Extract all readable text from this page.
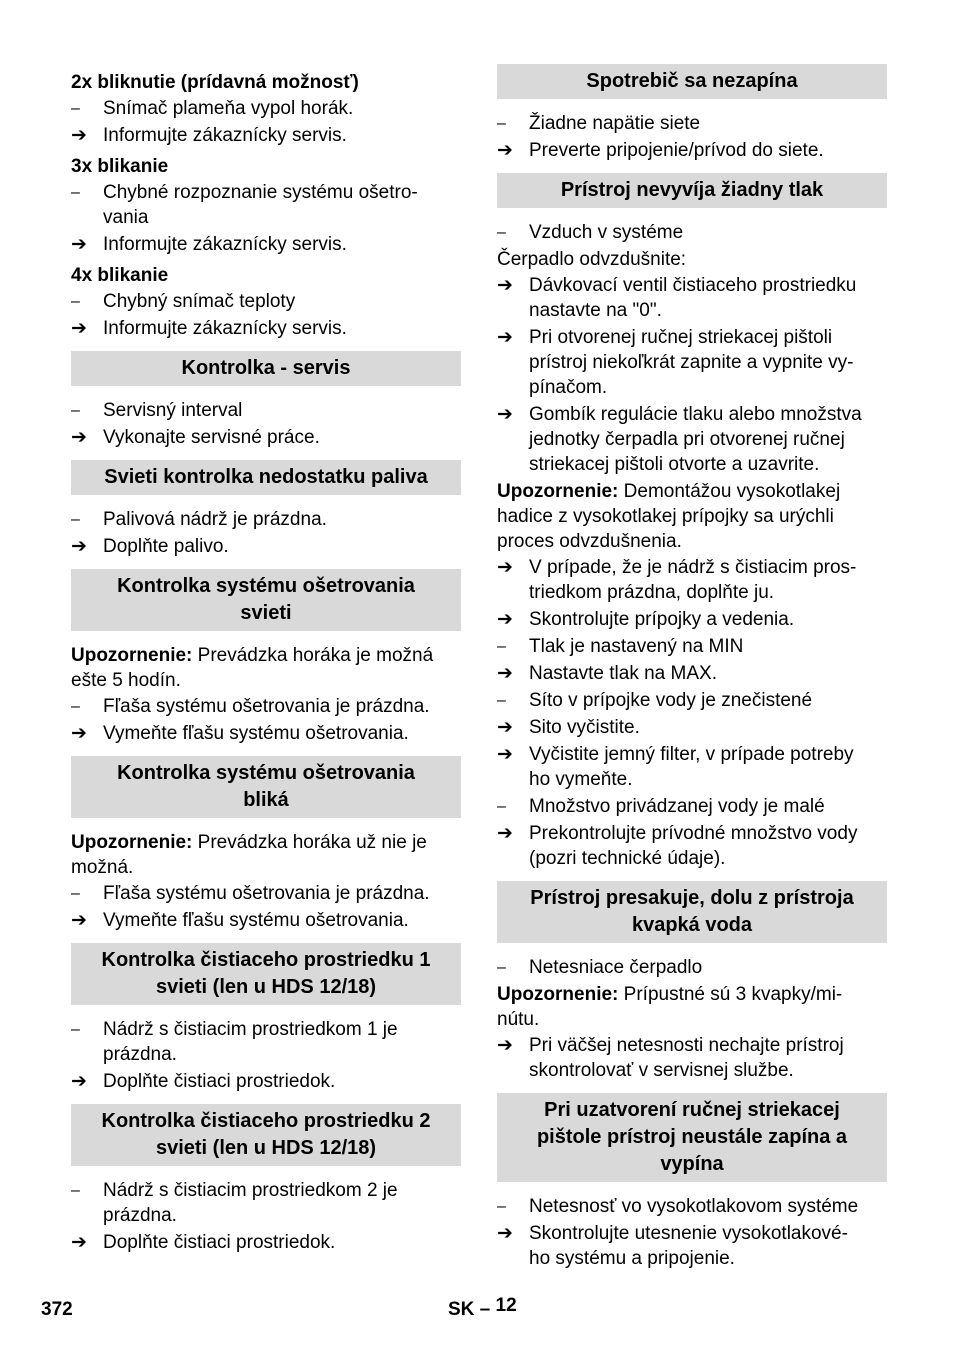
2x bliknutie (prídavná možnosť)
–	Snímač plameňa vypol horák.
➔ Informujte zákaznícky servis.
3x blikanie
–	Chybné rozpoznanie systému ošetro-
vania
➔ Informujte zákaznícky servis.
4x blikanie
–	Chybný snímač teploty
➔ Informujte zákaznícky servis.
Kontrolka - servis
–	Servisný interval
➔ Vykonajte servisné práce.
Svieti kontrolka nedostatku paliva
–	Palivová nádrž je prázdna.
➔ Doplňte palivo.
Kontrolka systému ošetrovania
svieti
Upozornenie: Prevádzka horáka je možná
ešte 5 hodín.
–	Fľaša systému ošetrovania je prázdna.
➔ Vymeňte fľašu systému ošetrovania.
Kontrolka systému ošetrovania
bliká
Upozornenie: Prevádzka horáka už nie je
možná.
–	Fľaša systému ošetrovania je prázdna.
➔ Vymeňte fľašu systému ošetrovania.
Kontrolka čistiaceho prostriedku 1
svieti (len u HDS 12/18)
–	Nádrž s čistiacim prostriedkom 1 je
prázdna.
➔ Doplňte čistiaci prostriedok.
Kontrolka čistiaceho prostriedku 2
svieti (len u HDS 12/18)
–	Nádrž s čistiacim prostriedkom 2 je
prázdna.
➔ Doplňte čistiaci prostriedok.
Spotrebič sa nezapína
–	Žiadne napätie siete
➔ Preverte pripojenie/prívod do siete.
Prístroj nevyvíja žiadny tlak
–	Vzduch v systéme
Čerpadlo odvzdušnite:
➔ Dávkovací ventil čistiaceho prostriedku
nastavte na "0".
➔ Pri otvorenej ručnej striekacej pištoli
prístroj niekoľkrát zapnite a vypnite vy-
pínačom.
➔ Gombík regulácie tlaku alebo množstva
jednotky čerpadla pri otvorenej ručnej
striekacej pištoli otvorte a uzavrite.
Upozornenie: Demontážou vysokotlakej
hadice z vysokotlakej prípojky sa urýchli
proces odvzdušnenia.
➔ V prípade, že je nádrž s čistiacim pros-
triedkom prázdna, doplňte ju.
➔ Skontrolujte prípojky a vedenia.
–	Tlak je nastavený na MIN
➔ Nastavte tlak na MAX.
–	Síto v prípojke vody je znečistené
➔ Sito vyčistite.
➔ Vyčistite jemný filter, v prípade potreby
ho vymeňte.
–	Množstvo privádzanej vody je malé
➔ Prekontrolujte prívodné množstvo vody
(pozri technické údaje).
Prístroj presakuje, dolu z prístroja
kvapká voda
–	Netesniace čerpadlo
Upozornenie: Prípustné sú 3 kvapky/mi-
nútu.
➔ Pri väčšej netesnosti nechajte prístroj
skontrolovať v servisnej službe.
Pri uzatvorení ručnej striekacej
pištole prístroj neustále zapína a
vypína
–	Netesnosť vo vysokotlakovom systéme
➔ Skontrolujte utesnenie vysokotlakové-
ho systému a pripojenie.
372	SK – 12
